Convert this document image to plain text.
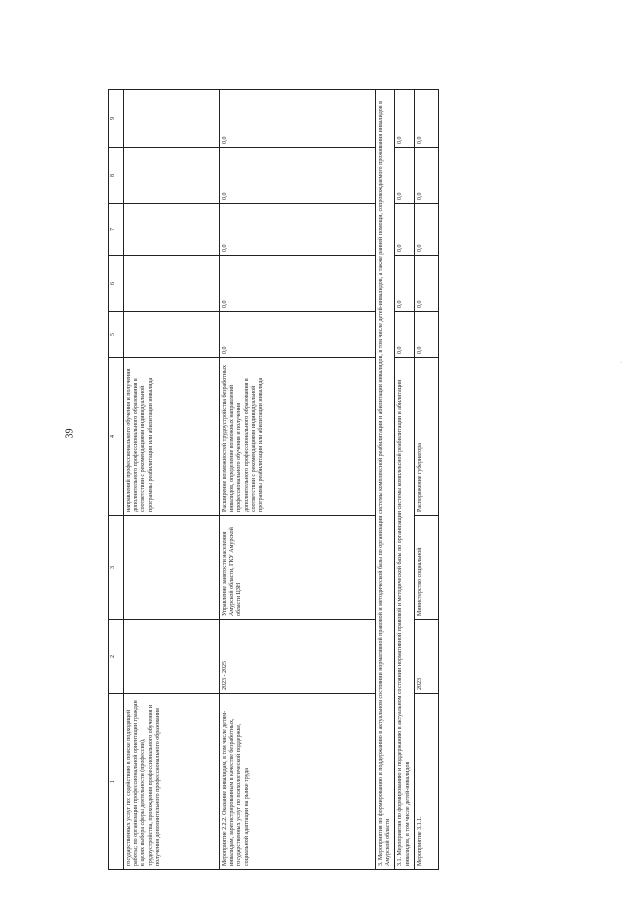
39
·
1	2	3	4	5	6	7	8	9
государственных услуг по: содействию в поиске подходящей работы; по организации профессиональной ориентации граждан в целях выбора сферы деятельности (профессии), трудоустройства, прохождения профессионального обучения и получения дополнительного профессионального образования			направлений профессионального обучения и получения дополнительного профессионального образования в соответствии с рекомендациями индивидуальной программы реабилитации или абилитации инвалида					
Мероприятие 2.2.2. Оказание инвалидам, в том числе детям-инвалидам, зарегистрированным в качестве безработных, государственных услуг по психологической поддержке, социальной адаптации на рынке труда	2023 - 2025	Управление занятости населения Амурской области, ГКУ Амурской области ЦЗН	Расширение возможностей трудоустройства безработных инвалидов, определение возможных направлений профессионального обучения и получения дополнительного профессионального образования в соответствии с рекомендациями индивидуальной программы реабилитации или абилитации инвалида	0,0	0,0	0,0	0,0	0,0
3. Мероприятия по формированию и поддержанию в актуальном состоянии нормативной правовой и методической базы по организации системы комплексной реабилитации и абилитации инвалидов, в том числе детей-инвалидов, а также ранней помощи, сопровождаемого проживания инвалидов в Амурской области								
3.1. Мероприятия по формированию и поддержанию в актуальном состоянии нормативной правовой и методической базы по организации системы комплексной реабилитации и абилитации инвалидов, в том числе детей-инвалидов				0,0	0,0	0,0	0,0	0,0
Мероприятие 3.1.1.	2023	Министерство социальной	Распоряжение губернатора	0,0	0,0	0,0	0,0	0,0
